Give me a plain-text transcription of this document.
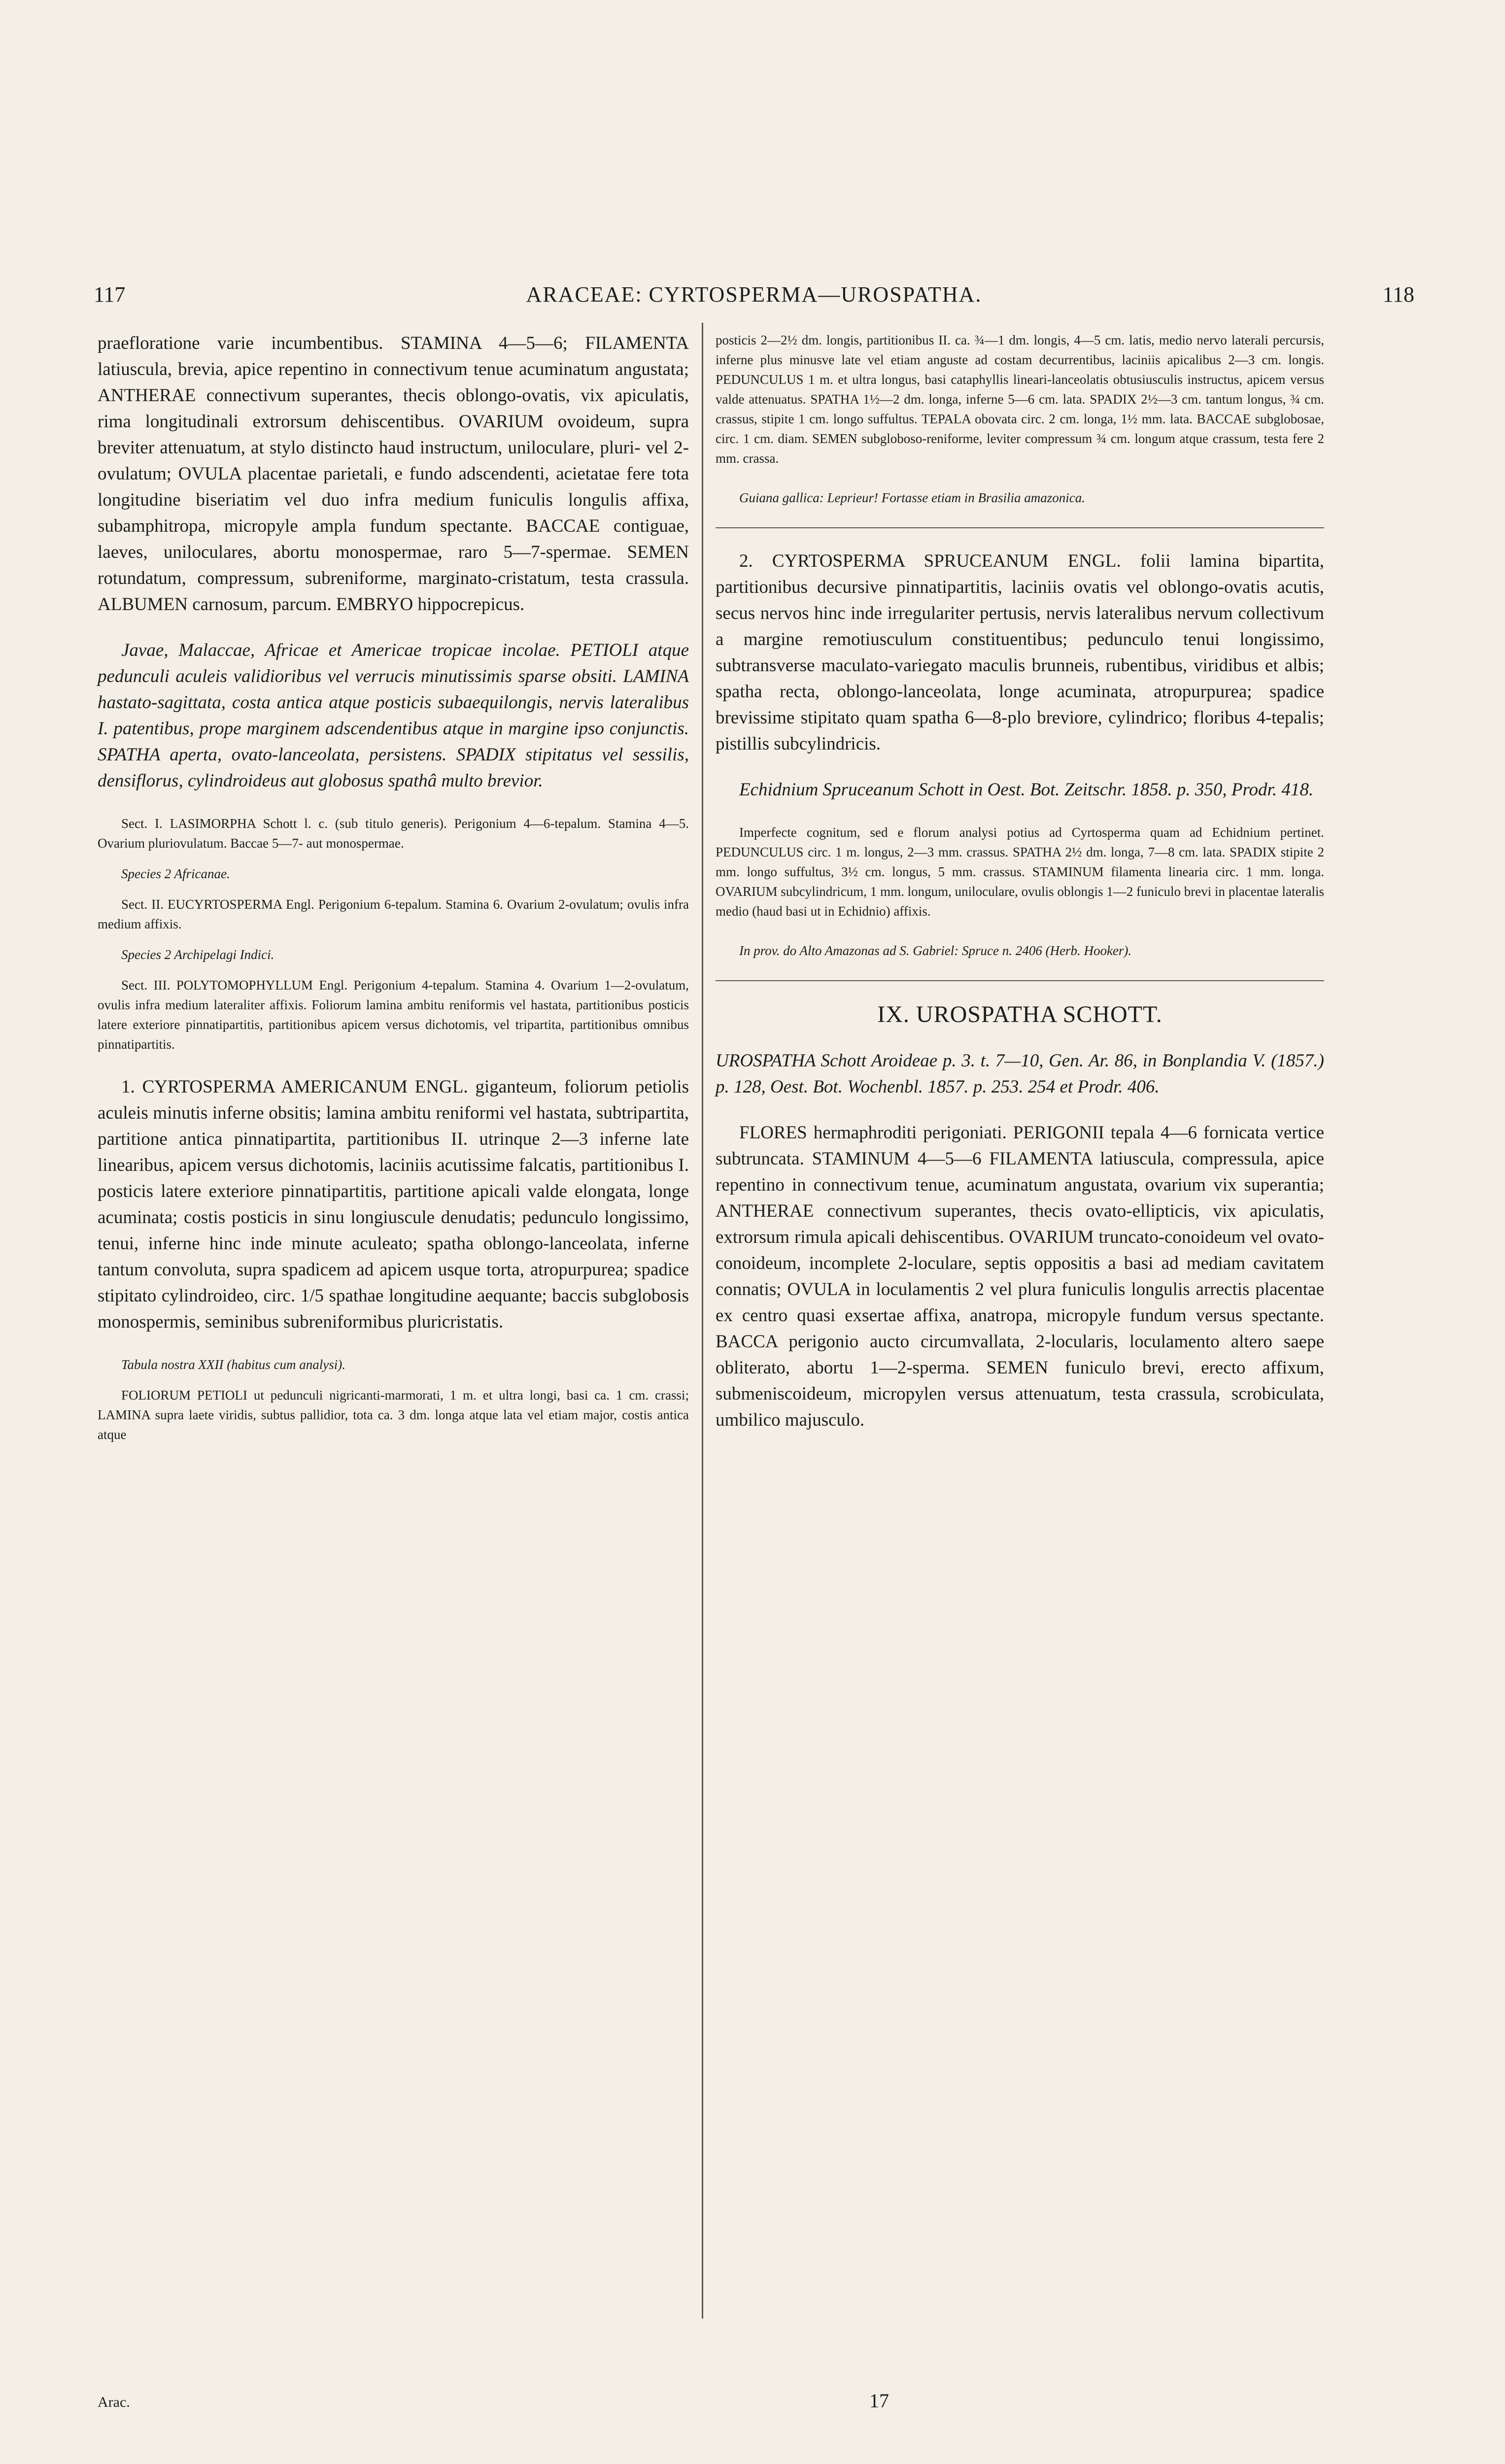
117	ARACEAE: CYRTOSPERMA—UROSPATHA.	118

praefloratione varie incumbentibus. STAMINA 4—5—6; FILAMENTA latiuscula, brevia, apice repentino in connectivum tenue acuminatum angustata; ANTHERAE connectivum superantes, thecis oblongo-ovatis, vix apiculatis, rima longitudinali extrorsum dehiscentibus. OVARIUM ovoideum, supra breviter attenuatum, at stylo distincto haud instructum, uniloculare, pluri- vel 2-ovulatum; OVULA placentae parietali, e fundo adscendenti, acietatae fere tota longitudine biseriatim vel duo infra medium funiculis longulis affixa, subamphitropa, micropyle ampla fundum spectante. BACCAE contiguae, laeves, uniloculares, abortu monospermae, raro 5—7-spermae. SEMEN rotundatum, compressum, subreniforme, marginato-cristatum, testa crassula. ALBUMEN carnosum, parcum. EMBRYO hippocrepicus.

Javae, Malaccae, Africae et Americae tropicae incolae. PETIOLI atque pedunculi aculeis validioribus vel verrucis minutissimis sparse obsiti. LAMINA hastato-sagittata, costa antica atque posticis subaequilongis, nervis lateralibus I. patentibus, prope marginem adscendentibus atque in margine ipso conjunctis. SPATHA aperta, ovato-lanceolata, persistens. SPADIX stipitatus vel sessilis, densiflorus, cylindroideus aut globosus spathâ multo brevior.

Sect. I. LASIMORPHA Schott l. c. (sub titulo generis). Perigonium 4—6-tepalum. Stamina 4—5. Ovarium pluriovulatum. Baccae 5—7- aut monospermae.

Species 2 Africanae.

Sect. II. EUCYRTOSPERMA Engl. Perigonium 6-tepalum. Stamina 6. Ovarium 2-ovulatum; ovulis infra medium affixis.

Species 2 Archipelagi Indici.

Sect. III. POLYTOMOPHYLLUM Engl. Perigonium 4-tepalum. Stamina 4. Ovarium 1—2-ovulatum, ovulis infra medium lateraliter affixis. Foliorum lamina ambitu reniformis vel hastata, partitionibus posticis latere exteriore pinnatipartitis, partitionibus apicem versus dichotomis, vel tripartita, partitionibus omnibus pinnatipartitis.

1. CYRTOSPERMA AMERICANUM ENGL. giganteum, foliorum petiolis aculeis minutis inferne obsitis; lamina ambitu reniformi vel hastata, subtripartita, partitione antica pinnatipartita, partitionibus II. utrinque 2—3 inferne late linearibus, apicem versus dichotomis, laciniis acutissime falcatis, partitionibus I. posticis latere exteriore pinnatipartitis, partitione apicali valde elongata, longe acuminata; costis posticis in sinu longiuscule denudatis; pedunculo longissimo, tenui, inferne hinc inde minute aculeato; spatha oblongo-lanceolata, inferne tantum convoluta, supra spadicem ad apicem usque torta, atropurpurea; spadice stipitato cylindroideo, circ. 1/5 spathae longitudine aequante; baccis subglobosis monospermis, seminibus subreniformibus pluricristatis.

Tabula nostra XXII (habitus cum analysi).

FOLIORUM PETIOLI ut pedunculi nigricanti-marmorati, 1 m. et ultra longi, basi ca. 1 cm. crassi; LAMINA supra laete viridis, subtus pallidior, tota ca. 3 dm. longa atque lata vel etiam major, costis antica atque

posticis 2—2½ dm. longis, partitionibus II. ca. ¾—1 dm. longis, 4—5 cm. latis, medio nervo laterali percursis, inferne plus minusve late vel etiam anguste ad costam decurrentibus, laciniis apicalibus 2—3 cm. longis. PEDUNCULUS 1 m. et ultra longus, basi cataphyllis lineari-lanceolatis obtusiusculis instructus, apicem versus valde attenuatus. SPATHA 1½—2 dm. longa, inferne 5—6 cm. lata. SPADIX 2½—3 cm. tantum longus, ¾ cm. crassus, stipite 1 cm. longo suffultus. TEPALA obovata circ. 2 cm. longa, 1½ mm. lata. BACCAE subglobosae, circ. 1 cm. diam. SEMEN subgloboso-reniforme, leviter compressum ¾ cm. longum atque crassum, testa fere 2 mm. crassa.

Guiana gallica: Leprieur! Fortasse etiam in Brasilia amazonica.

2. CYRTOSPERMA SPRUCEANUM ENGL. folii lamina bipartita, partitionibus decursive pinnatipartitis, laciniis ovatis vel oblongo-ovatis acutis, secus nervos hinc inde irregulariter pertusis, nervis lateralibus nervum collectivum a margine remotiusculum constituentibus; pedunculo tenui longissimo, subtransverse maculato-variegato maculis brunneis, rubentibus, viridibus et albis; spatha recta, oblongo-lanceolata, longe acuminata, atropurpurea; spadice brevissime stipitato quam spatha 6—8-plo breviore, cylindrico; floribus 4-tepalis; pistillis subcylindricis.

Echidnium Spruceanum Schott in Oest. Bot. Zeitschr. 1858. p. 350, Prodr. 418.

Imperfecte cognitum, sed e florum analysi potius ad Cyrtosperma quam ad Echidnium pertinet. PEDUNCULUS circ. 1 m. longus, 2—3 mm. crassus. SPATHA 2½ dm. longa, 7—8 cm. lata. SPADIX stipite 2 mm. longo suffultus, 3½ cm. longus, 5 mm. crassus. STAMINUM filamenta linearia circ. 1 mm. longa. OVARIUM subcylindricum, 1 mm. longum, uniloculare, ovulis oblongis 1—2 funiculo brevi in placentae lateralis medio (haud basi ut in Echidnio) affixis.

In prov. do Alto Amazonas ad S. Gabriel: Spruce n. 2406 (Herb. Hooker).

IX. UROSPATHA SCHOTT.

UROSPATHA Schott Aroideae p. 3. t. 7—10, Gen. Ar. 86, in Bonplandia V. (1857.) p. 128, Oest. Bot. Wochenbl. 1857. p. 253. 254 et Prodr. 406.

FLORES hermaphroditi perigoniati. PERIGONII tepala 4—6 fornicata vertice subtruncata. STAMINUM 4—5—6 FILAMENTA latiuscula, compressula, apice repentino in connectivum tenue, acuminatum angustata, ovarium vix superantia; ANTHERAE connectivum superantes, thecis ovato-ellipticis, vix apiculatis, extrorsum rimula apicali dehiscentibus. OVARIUM truncato-conoideum vel ovato-conoideum, incomplete 2-loculare, septis oppositis a basi ad mediam cavitatem connatis; OVULA in loculamentis 2 vel plura funiculis longulis arrectis placentae ex centro quasi exsertae affixa, anatropa, micropyle fundum versus spectante. BACCA perigonio aucto circumvallata, 2-locularis, loculamento altero saepe obliterato, abortu 1—2-sperma. SEMEN funiculo brevi, erecto affixum, submeniscoideum, micropylen versus attenuatum, testa crassula, scrobiculata, umbilico majusculo.

Arac.	17
